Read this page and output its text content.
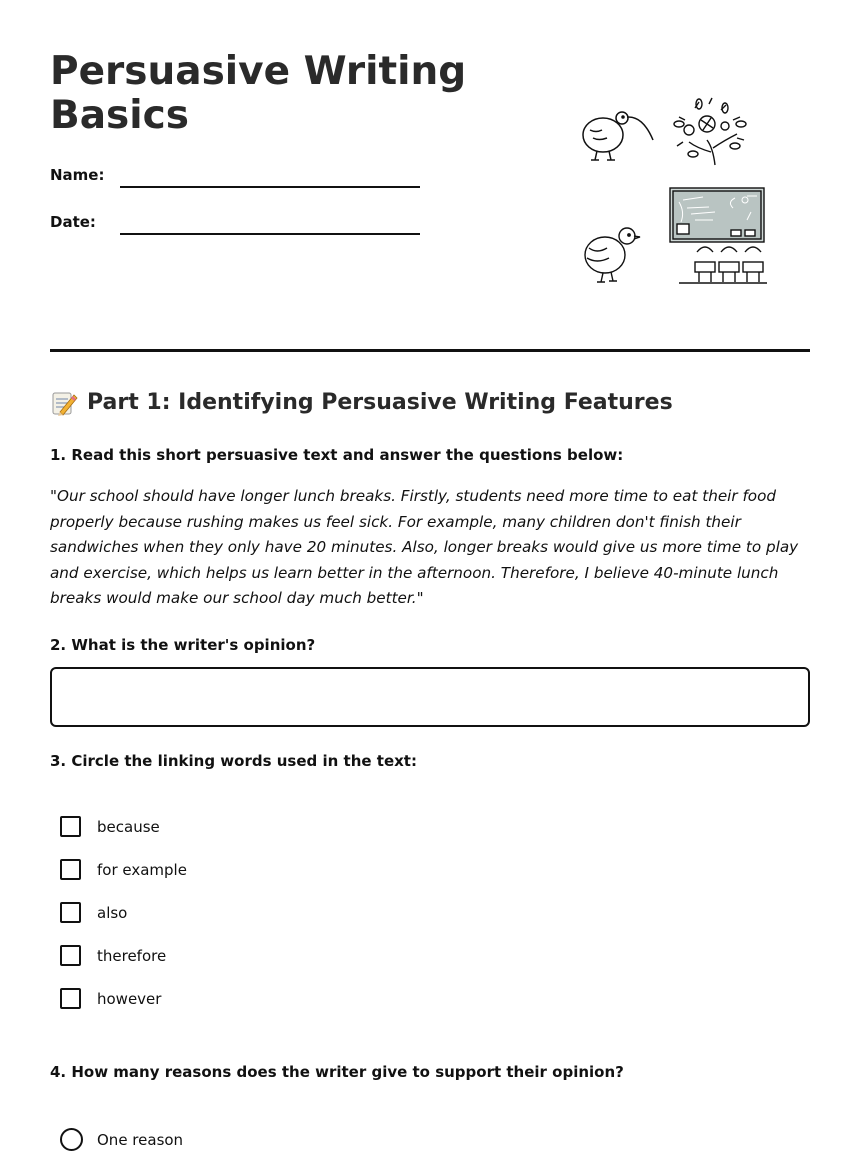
Persuasive Writing Basics
Name:
Date:
Part 1: Identifying Persuasive Writing Features
1. Read this short persuasive text and answer the questions below:

"Our school should have longer lunch breaks. Firstly, students need more time to eat their food properly because rushing makes us feel sick. For example, many children don't finish their sandwiches when they only have 20 minutes. Also, longer breaks would give us more time to play and exercise, which helps us learn better in the afternoon. Therefore, I believe 40-minute lunch breaks would make our school day much better."

2. What is the writer's opinion?
3. Circle the linking words used in the text:
because
for example
also
therefore
however
4. How many reasons does the writer give to support their opinion?
One reason
